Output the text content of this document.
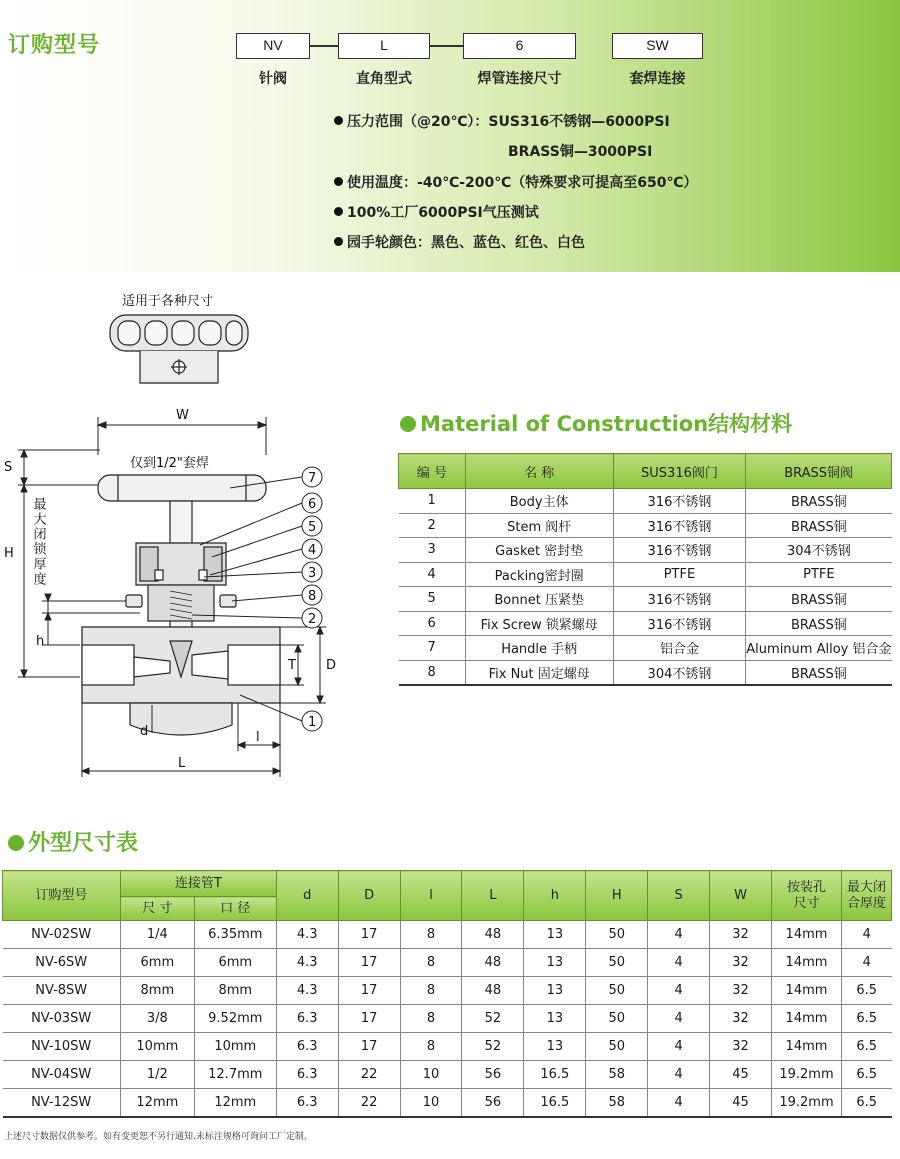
订购型号	NV	L	6	SW
针阀	直角型式	焊管连接尺寸	套焊连接
压力范围（@20℃）：SUS316不锈钢—6000PSI
BRASS铜—3000PSI
使用温度：-40℃-200℃（特殊要求可提高至650℃）
100%工厂6000PSI气压测试
园手轮颜色：黑色、蓝色、红色、白色
适用于各种尺寸
W
仅到1/2"套焊
S
H
h
最大闭锁厚度
T D
d	l
L
7
6
5
4
3
8
2
1
Material of Construction结构材料
编 号	名 称	SUS316阀门	BRASS铜阀
1	Body主体	316不锈钢	BRASS铜
2	Stem 阀杆	316不锈钢	BRASS铜
3	Gasket 密封垫	316不锈钢	304不锈钢
4	Packing密封圈	PTFE	PTFE
5	Bonnet 压紧垫	316不锈钢	BRASS铜
6	Fix Screw 锁紧螺母	316不锈钢	BRASS铜
7	Handle 手柄	铝合金	Aluminum Alloy 铝合金
8	Fix Nut 固定螺母	304不锈钢	BRASS铜
外型尺寸表
订购型号	连接管T		d	D	l	L	h	H	S	W	按装孔
尺寸	最大闭
合厚度
	尺 寸	口 径										
NV-02SW	1/4	6.35mm	4.3	17	8	48	13	50	4	32	14mm	4
NV-6SW	6mm	6mm	4.3	17	8	48	13	50	4	32	14mm	4
NV-8SW	8mm	8mm	4.3	17	8	48	13	50	4	32	14mm	6.5
NV-03SW	3/8	9.52mm	6.3	17	8	52	13	50	4	32	14mm	6.5
NV-10SW	10mm	10mm	6.3	17	8	52	13	50	4	32	14mm	6.5
NV-04SW	1/2	12.7mm	6.3	22	10	56	16.5	58	4	45	19.2mm	6.5
NV-12SW	12mm	12mm	6.3	22	10	56	16.5	58	4	45	19.2mm	6.5
上述尺寸数据仅供参考。如有变更恕不另行通知.未标注规格可询问工厂定制。
